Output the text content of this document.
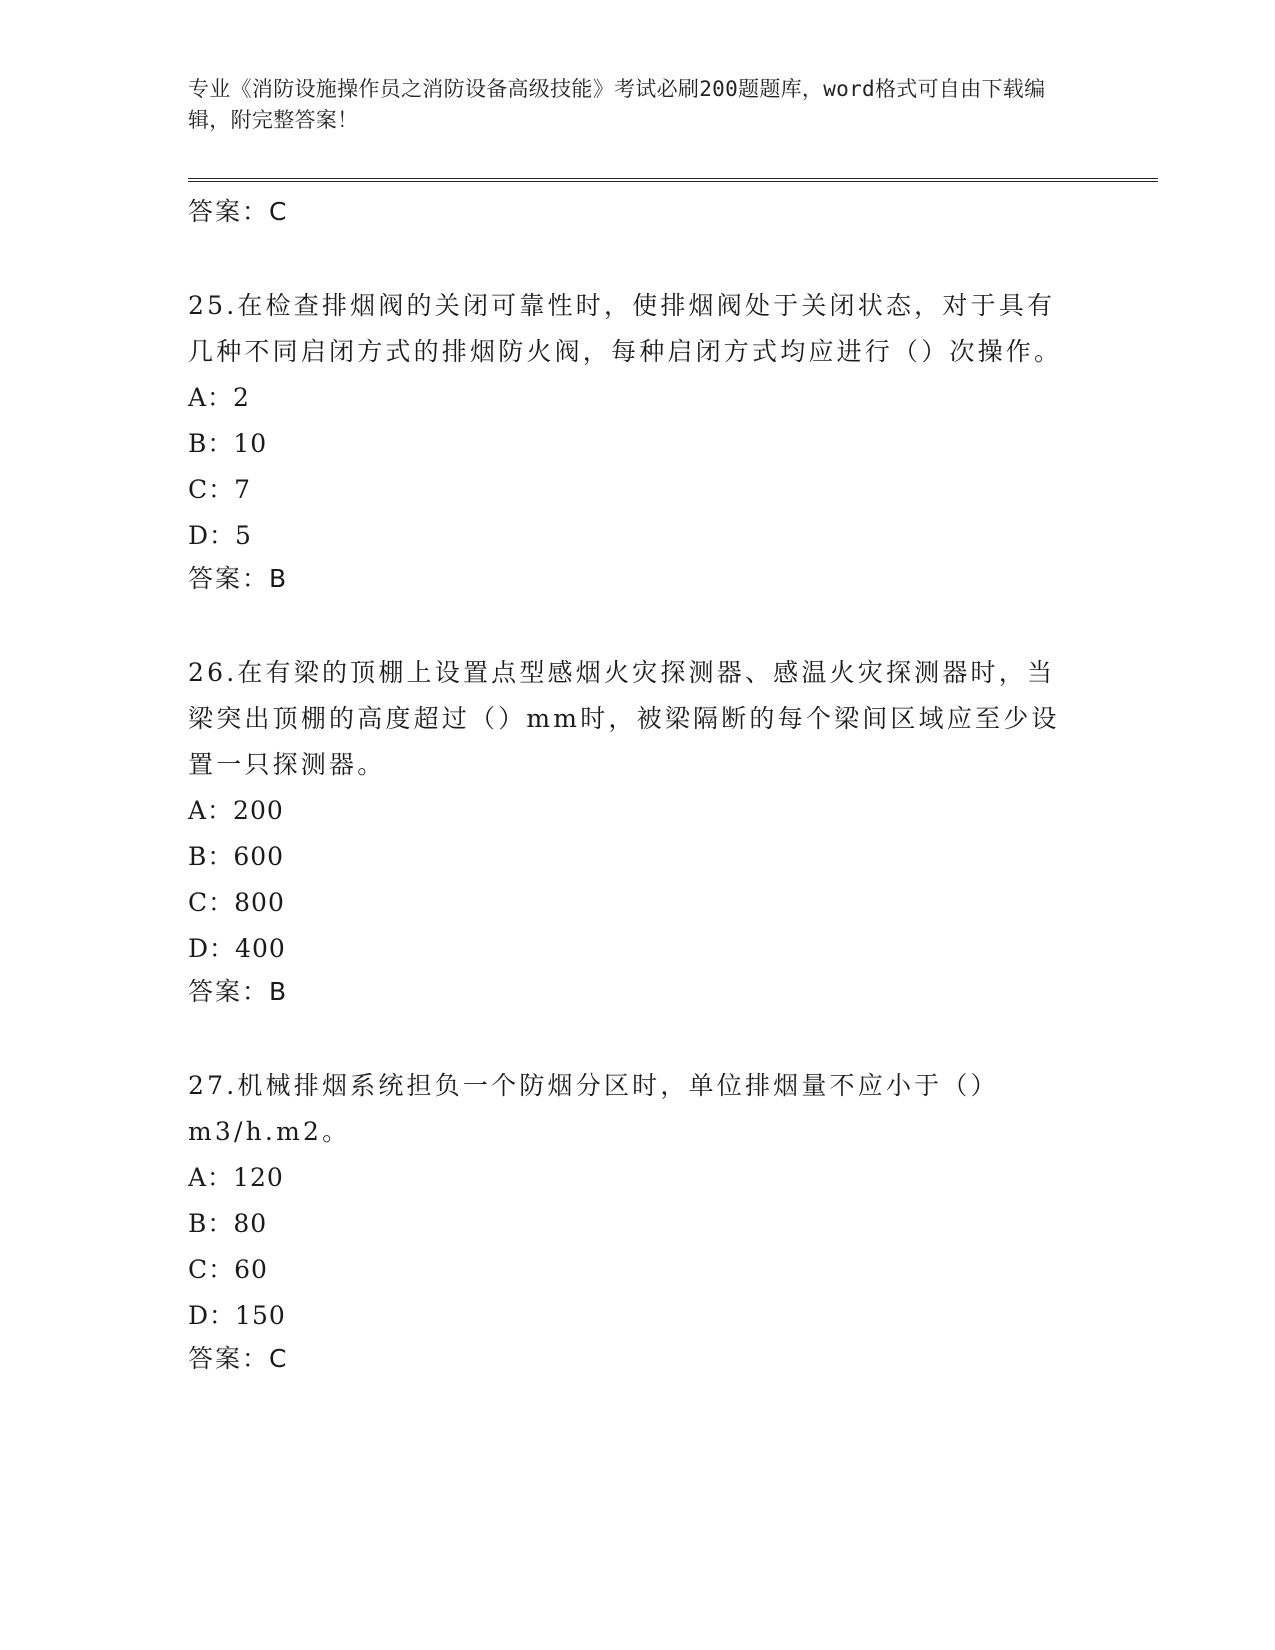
专业《消防设施操作员之消防设备高级技能》考试必刷200题题库，word格式可自由下载编辑，附完整答案！
答案：C

25.在检查排烟阀的关闭可靠性时，使排烟阀处于关闭状态，对于具有几种不同启闭方式的排烟防火阀，每种启闭方式均应进行（）次操作。

A：2
B：10
C：7
D：5
答案：B

26.在有梁的顶棚上设置点型感烟火灾探测器、感温火灾探测器时，当梁突出顶棚的高度超过（）mm时，被梁隔断的每个梁间区域应至少设置一只探测器。

A：200
B：600
C：800
D：400
答案：B

27.机械排烟系统担负一个防烟分区时，单位排烟量不应小于（）m3/h.m2。

A：120
B：80
C：60
D：150
答案：C
